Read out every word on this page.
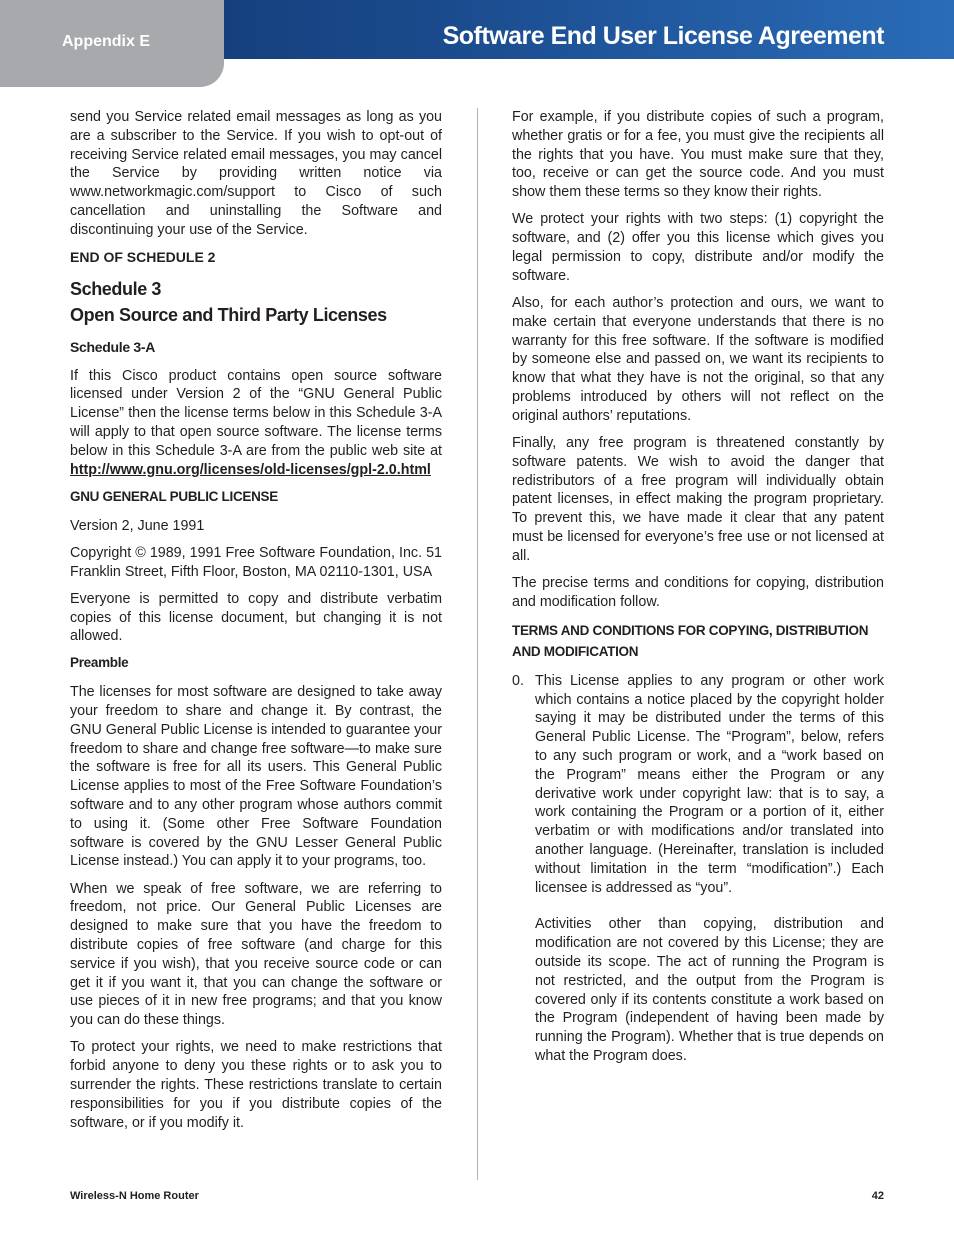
Appendix E	Software End User License Agreement

send you Service related email messages as long as you are a subscriber to the Service. If you wish to opt-out of receiving Service related email messages, you may cancel the Service by providing written notice via www.networkmagic.com/support to Cisco of such cancellation and uninstalling the Software and discontinuing your use of the Service.

END OF SCHEDULE 2
Schedule 3
Open Source and Third Party Licenses
Schedule 3-A

If this Cisco product contains open source software licensed under Version 2 of the “GNU General Public License” then the license terms below in this Schedule 3-A will apply to that open source software. The license terms below in this Schedule 3-A are from the public web site at http://www.gnu.org/licenses/old-licenses/gpl-2.0.html

GNU GENERAL PUBLIC LICENSE

Version 2, June 1991

Copyright © 1989, 1991 Free Software Foundation, Inc. 51 Franklin Street, Fifth Floor, Boston, MA 02110-1301, USA

Everyone is permitted to copy and distribute verbatim copies of this license document, but changing it is not allowed.

Preamble

The licenses for most software are designed to take away your freedom to share and change it. By contrast, the GNU General Public License is intended to guarantee your freedom to share and change free software—to make sure the software is free for all its users. This General Public License applies to most of the Free Software Foundation’s software and to any other program whose authors commit to using it. (Some other Free Software Foundation software is covered by the GNU Lesser General Public License instead.) You can apply it to your programs, too.

When we speak of free software, we are referring to freedom, not price. Our General Public Licenses are designed to make sure that you have the freedom to distribute copies of free software (and charge for this service if you wish), that you receive source code or can get it if you want it, that you can change the software or use pieces of it in new free programs; and that you know you can do these things.

To protect your rights, we need to make restrictions that forbid anyone to deny you these rights or to ask you to surrender the rights. These restrictions translate to certain responsibilities for you if you distribute copies of the software, or if you modify it.

For example, if you distribute copies of such a program, whether gratis or for a fee, you must give the recipients all the rights that you have. You must make sure that they, too, receive or can get the source code. And you must show them these terms so they know their rights.

We protect your rights with two steps: (1) copyright the software, and (2) offer you this license which gives you legal permission to copy, distribute and/or modify the software.

Also, for each author’s protection and ours, we want to make certain that everyone understands that there is no warranty for this free software. If the software is modified by someone else and passed on, we want its recipients to know that what they have is not the original, so that any problems introduced by others will not reflect on the original authors’ reputations.

Finally, any free program is threatened constantly by software patents. We wish to avoid the danger that redistributors of a free program will individually obtain patent licenses, in effect making the program proprietary. To prevent this, we have made it clear that any patent must be licensed for everyone’s free use or not licensed at all.

The precise terms and conditions for copying, distribution and modification follow.

TERMS AND CONDITIONS FOR COPYING, DISTRIBUTION AND MODIFICATION
0. This License applies to any program or other work which contains a notice placed by the copyright holder saying it may be distributed under the terms of this General Public License. The “Program”, below, refers to any such program or work, and a “work based on the Program” means either the Program or any derivative work under copyright law: that is to say, a work containing the Program or a portion of it, either verbatim or with modifications and/or translated into another language. (Hereinafter, translation is included without limitation in the term “modification”.) Each licensee is addressed as “you”.

Activities other than copying, distribution and modification are not covered by this License; they are outside its scope. The act of running the Program is not restricted, and the output from the Program is covered only if its contents constitute a work based on the Program (independent of having been made by running the Program). Whether that is true depends on what the Program does.

Wireless-N Home Router	42
